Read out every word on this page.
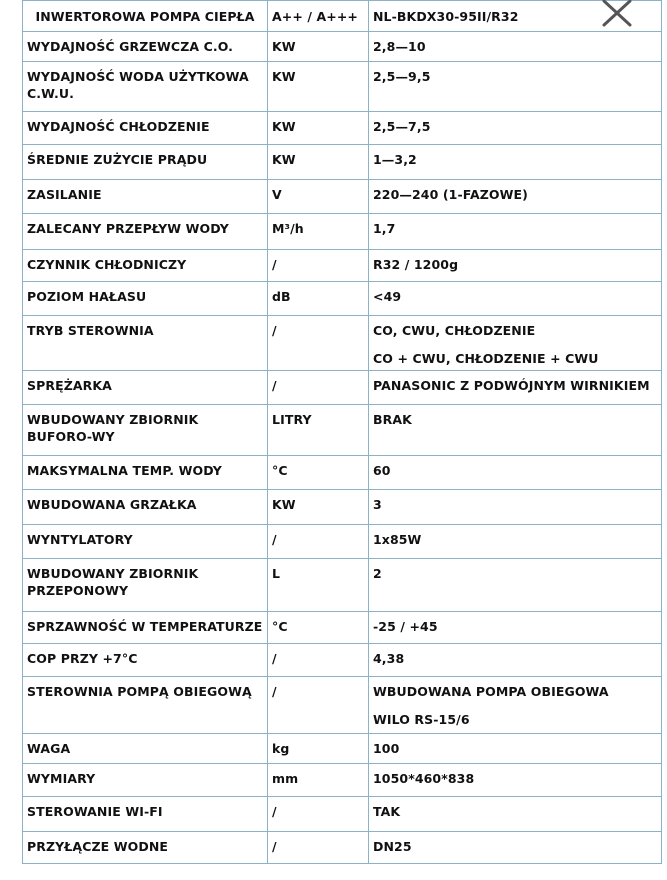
INWERTOROWA POMPA CIEPŁA	A++ / A+++	NL-BKDX30-95II/R32
WYDAJNOŚĆ GRZEWCZA C.O.	KW	2,8—10
WYDAJNOŚĆ WODA UŻYTKOWA C.W.U.	KW	2,5—9,5
WYDAJNOŚĆ CHŁODZENIE	KW	2,5—7,5
ŚREDNIE ZUŻYCIE PRĄDU	KW	1—3,2
ZASILANIE	V	220—240 (1-FAZOWE)
ZALECANY PRZEPŁYW WODY	M³/h	1,7
CZYNNIK CHŁODNICZY	/	R32 / 1200g
POZIOM HAŁASU	dB	<49
TRYB STEROWNIA	/	CO, CWU, CHŁODZENIE
CO + CWU, CHŁODZENIE + CWU

SPRĘŻARKA	/	PANASONIC Z PODWÓJNYM WIRNIKIEM
WBUDOWANY ZBIORNIK BUFORO-WY	LITRY	BRAK
MAKSYMALNA TEMP. WODY	°C	60
WBUDOWANA GRZAŁKA	KW	3
WYNTYLATORY	/	1x85W
WBUDOWANY ZBIORNIK PRZEPONOWY	L	2
SPRZAWNOŚĆ W TEMPERATURZE	°C	-25 / +45
COP PRZY +7°C	/	4,38
STEROWNIA POMPĄ OBIEGOWĄ	/	WBUDOWANA POMPA OBIEGOWA
WILO RS-15/6

WAGA	kg	100
WYMIARY	mm	1050*460*838
STEROWANIE WI-FI	/	TAK
PRZYŁĄCZE WODNE	/	DN25
